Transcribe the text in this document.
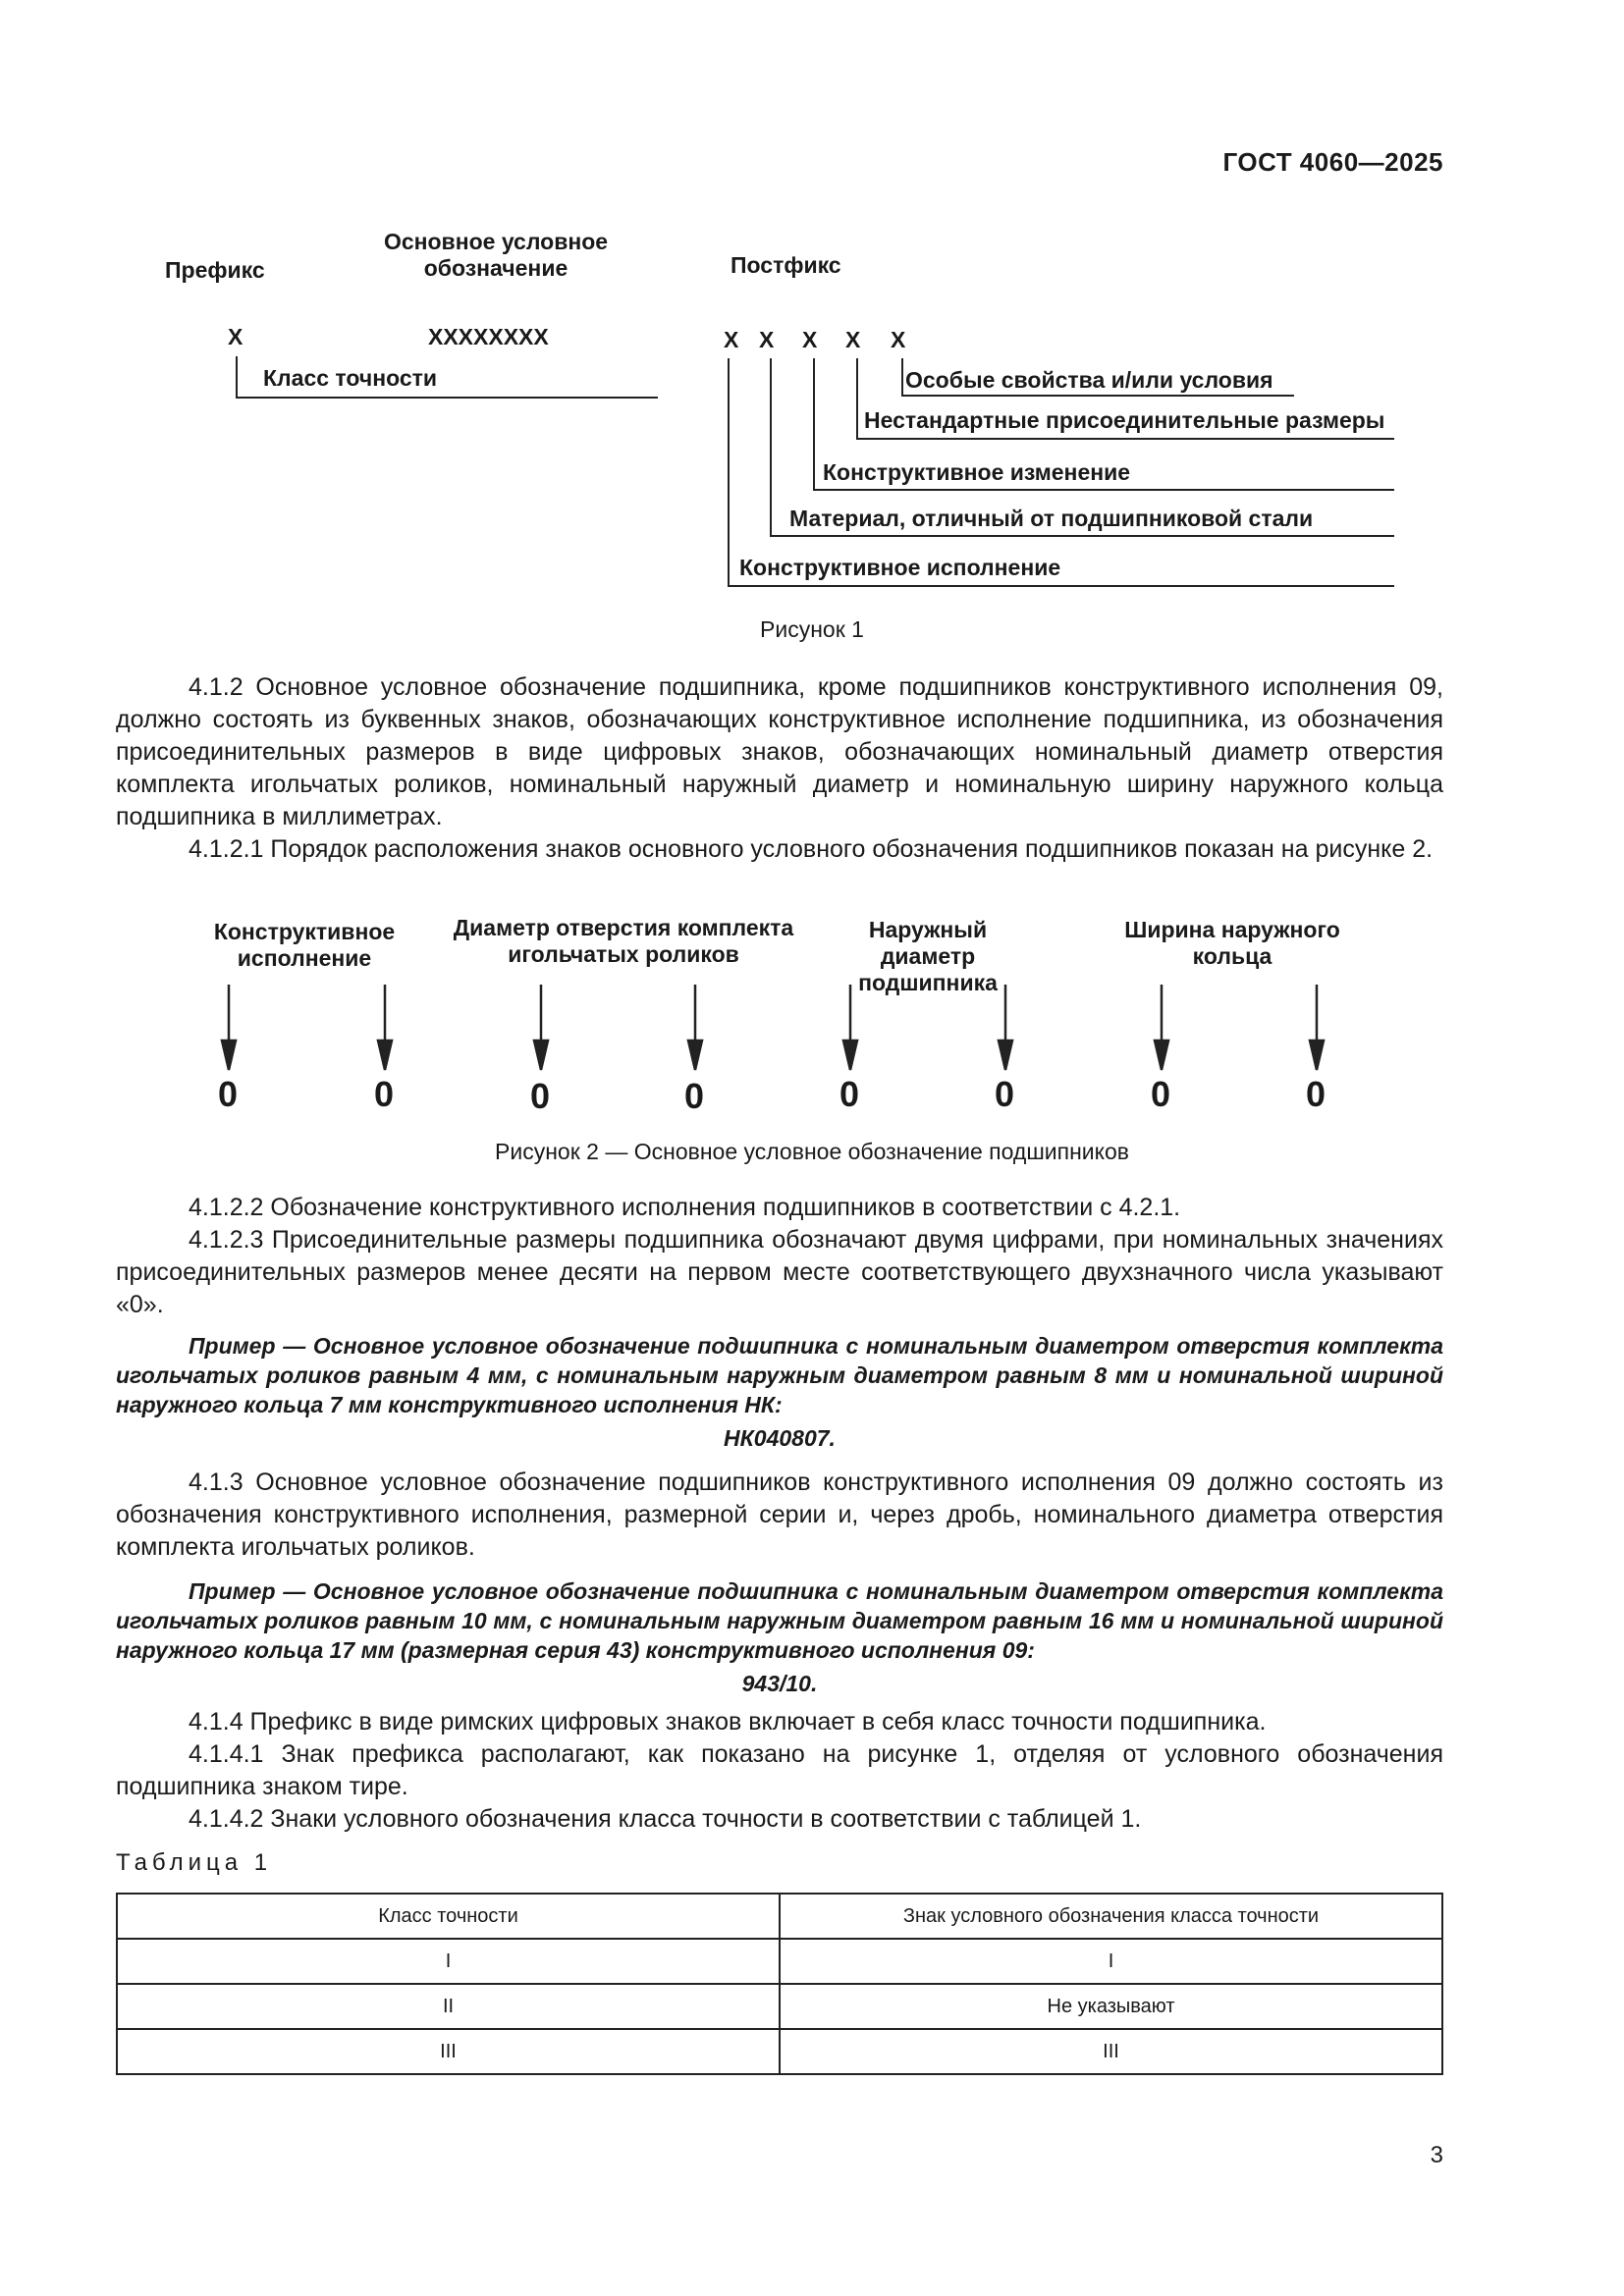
ГОСТ 4060—2025
Префикс
Основное условное
обозначение	Постфикс
X	XXXXXXXX	X X X X X
Класс точности	Особые свойства и/или условия
Нестандартные присоединительные размеры
Конструктивное изменение
Материал, отличный от подшипниковой стали
Конструктивное исполнение
Рисунок 1

4.1.2 Основное условное обозначение подшипника, кроме подшипников конструктивного исполнения 09, должно состоять из буквенных знаков, обозначающих конструктивное исполнение подшипника, из обозначения присоединительных размеров в виде цифровых знаков, обозначающих номинальный диаметр отверстия комплекта игольчатых роликов, номинальный наружный диаметр и номинальную ширину наружного кольца подшипника в миллиметрах.

4.1.2.1 Порядок расположения знаков основного условного обозначения подшипников показан на рисунке 2.

Конструктивное
исполнение
Диаметр отверстия комплекта
игольчатых роликов
Наружный диаметр
подшипника
Ширина наружного
кольца
0	0	0	0	0	0	0	0
Рисунок 2 — Основное условное обозначение подшипников

4.1.2.2 Обозначение конструктивного исполнения подшипников в соответствии с 4.2.1.

4.1.2.3 Присоединительные размеры подшипника обозначают двумя цифрами, при номинальных значениях присоединительных размеров менее десяти на первом месте соответствующего двухзначного числа указывают «0».

Пример — Основное условное обозначение подшипника с номинальным диаметром отверстия комплекта игольчатых роликов равным 4 мм, с номинальным наружным диаметром равным 8 мм и номинальной шириной наружного кольца 7 мм конструктивного исполнения НК:

НК040807.

4.1.3 Основное условное обозначение подшипников конструктивного исполнения 09 должно состоять из обозначения конструктивного исполнения, размерной серии и, через дробь, номинального диаметра отверстия комплекта игольчатых роликов.

Пример — Основное условное обозначение подшипника с номинальным диаметром отверстия комплекта игольчатых роликов равным 10 мм, с номинальным наружным диаметром равным 16 мм и номинальной шириной наружного кольца 17 мм (размерная серия 43) конструктивного исполнения 09:

943/10.

4.1.4 Префикс в виде римских цифровых знаков включает в себя класс точности подшипника.

4.1.4.1 Знак префикса располагают, как показано на рисунке 1, отделяя от условного обозначения подшипника знаком тире.

4.1.4.2 Знаки условного обозначения класса точности в соответствии с таблицей 1.

Таблица 1
Класс точности	Знак условного обозначения класса точности
I	I
II	Не указывают
III	III
3
